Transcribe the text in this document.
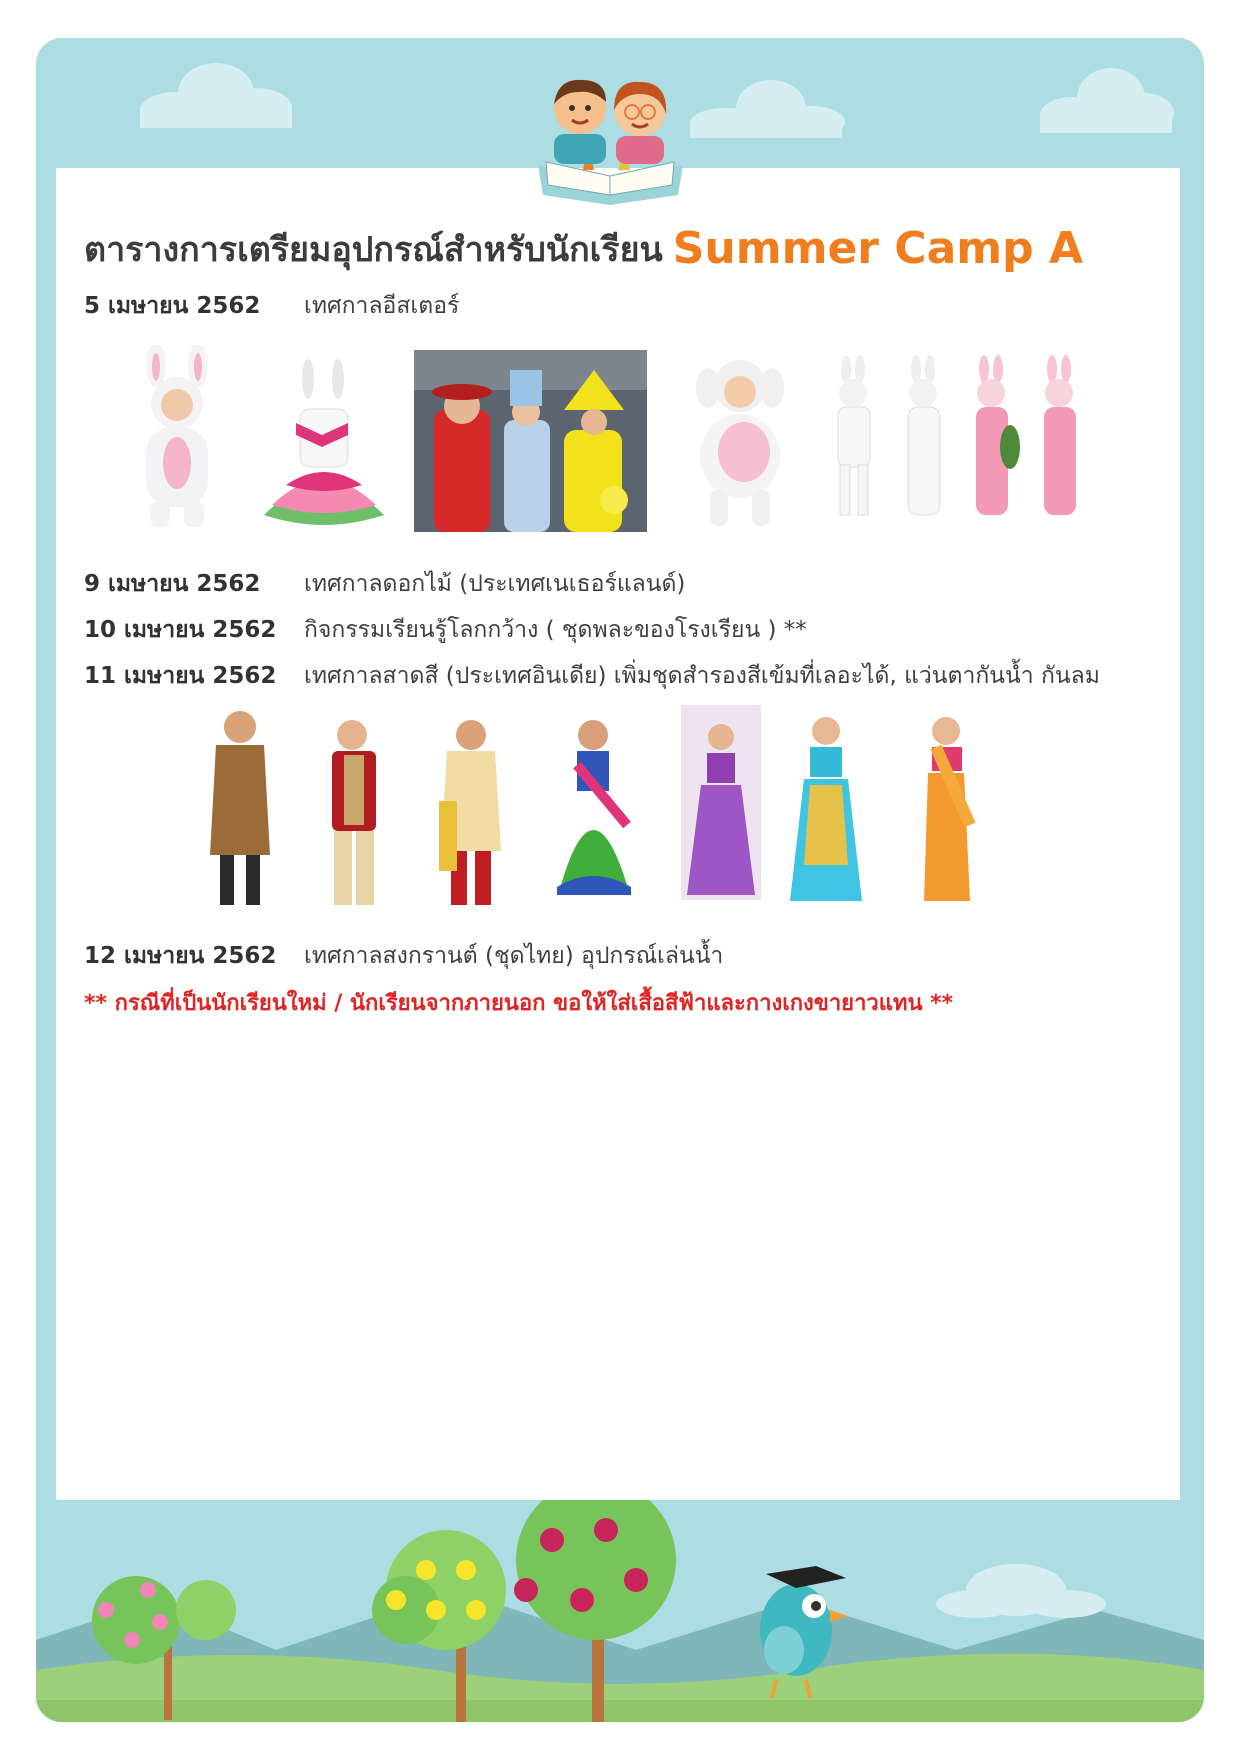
ตารางการเตรียมอุปกรณ์สำหรับนักเรียน Summer Camp A
5 เมษายน 2562 เทศกาลอีสเตอร์
9 เมษายน 2562 เทศกาลดอกไม้ (ประเทศเนเธอร์แลนด์)
10 เมษายน 2562 กิจกรรมเรียนรู้โลกกว้าง ( ชุดพละของโรงเรียน ) **
11 เมษายน 2562 เทศกาลสาดสี (ประเทศอินเดีย) เพิ่มชุดสำรองสีเข้มที่เลอะได้, แว่นตากันน้ำ กันลม
12 เมษายน 2562 เทศกาลสงกรานต์ (ชุดไทย) อุปกรณ์เล่นน้ำ
** กรณีที่เป็นนักเรียนใหม่ / นักเรียนจากภายนอก ขอให้ใส่เสื้อสีฟ้าและกางเกงขายาวแทน **
